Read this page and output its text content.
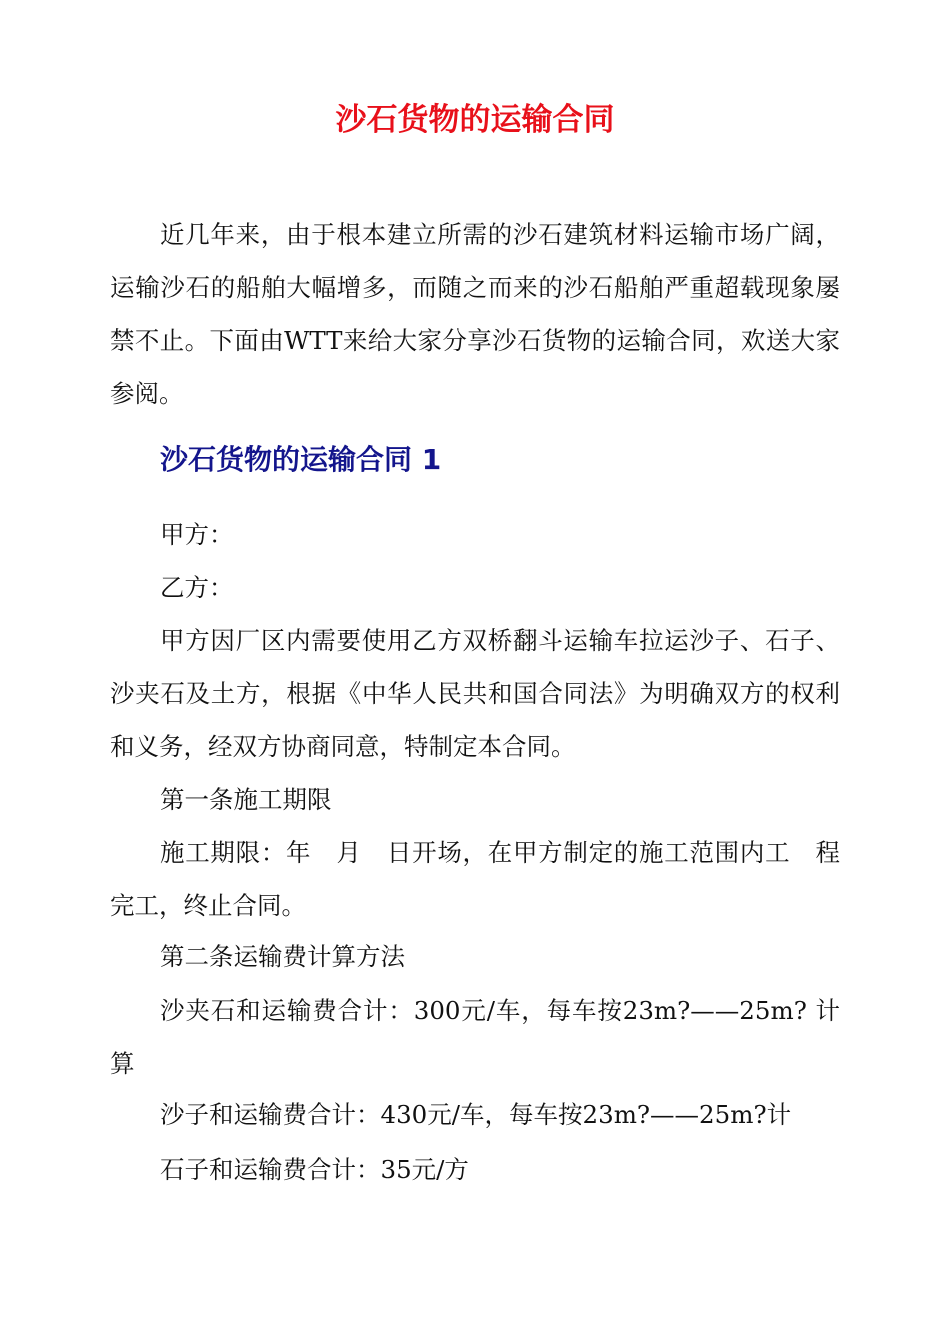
沙石货物的运输合同

近几年来，由于根本建立所需的沙石建筑材料运输市场广阔，运输沙石的船舶大幅增多，而随之而来的沙石船舶严重超载现象屡禁不止。下面由WTT来给大家分享沙石货物的运输合同，欢送大家参阅。

沙石货物的运输合同 1

甲方：

乙方：

甲方因厂区内需要使用乙方双桥翻斗运输车拉运沙子、石子、沙夹石及土方，根据《中华人民共和国合同法》为明确双方的权利和义务，经双方协商同意，特制定本合同。

第一条施工期限

施工期限：年　月　日开场，在甲方制定的施工范围内工　程完工，终止合同。

第二条运输费计算方法

沙夹石和运输费合计：300元/车，每车按23m?——25m? 计算

沙子和运输费合计：430元/车，每车按23m?——25m?计

石子和运输费合计：35元/方
